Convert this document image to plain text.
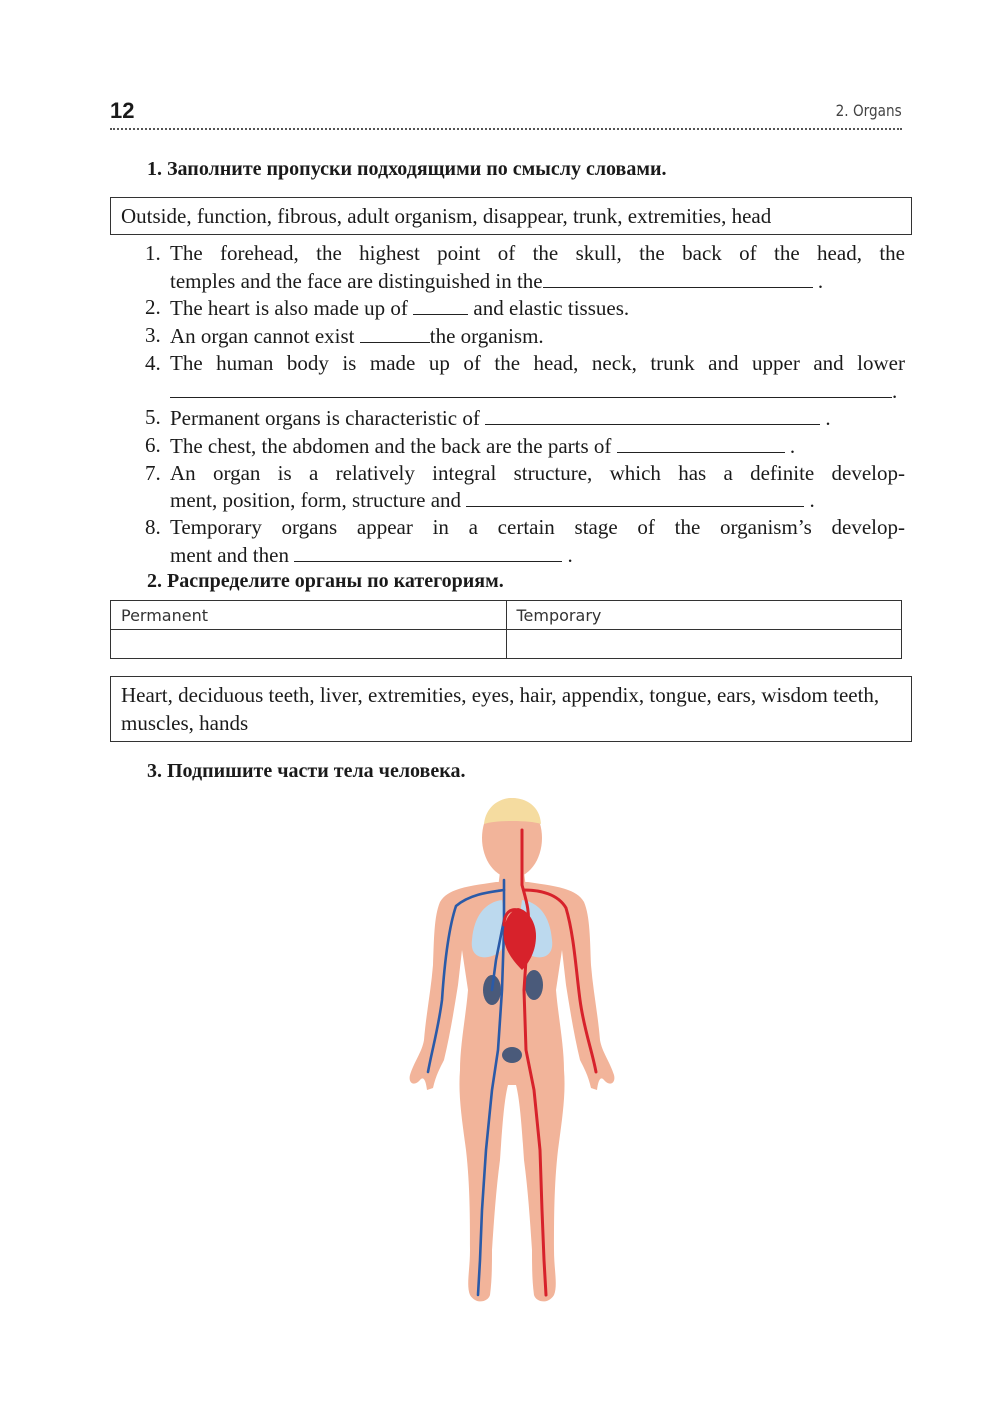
12	2. Organs
1. Заполните пропуски подходящими по смыслу словами.
Outside, function, fibrous, adult organism, disappear, trunk, extremities, head
1. The forehead, the highest point of the skull, the back of the head, the
temples and the face are distinguished in the	.
2. The heart is also made up of	and elastic tissues.
3. An organ cannot exist	the organism.
4. The human body is made up of the head, neck, trunk and upper and lower
.
5. Permanent organs is characteristic of	.
6. The chest, the abdomen and the back are the parts of	.
7. An organ is a relatively integral structure, which has a definite develop-
ment, position, form, structure and	.
8. Temporary organs appear in a certain stage of the organism’s develop-
ment and then	.
2. Распределите органы по категориям.
Permanent	Temporary

Heart, deciduous teeth, liver, extremities, eyes, hair, appendix, tongue, ears, wisdom teeth, muscles, hands
3. Подпишите части тела человека.
